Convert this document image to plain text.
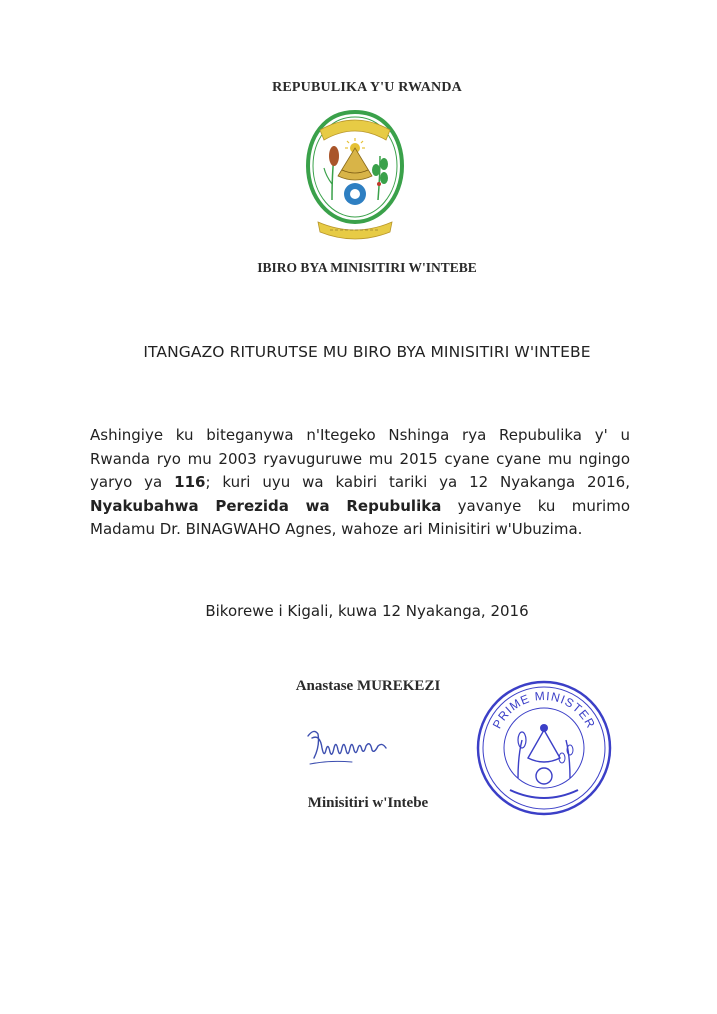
REPUBULIKA Y'U RWANDA
IBIRO BYA MINISITIRI W'INTEBE
ITANGAZO RITURUTSE MU BIRO BYA MINISITIRI W'INTEBE
Ashingiye ku biteganywa n'Itegeko Nshinga rya Repubulika y' u Rwanda ryo mu 2003 ryavuguruwe mu 2015 cyane cyane mu ngingo yaryo ya 116; kuri uyu wa kabiri tariki ya 12 Nyakanga 2016, Nyakubahwa Perezida wa Repubulika yavanye ku murimo Madamu Dr. BINAGWAHO Agnes, wahoze ari Minisitiri w'Ubuzima.
Bikorewe i Kigali, kuwa 12 Nyakanga, 2016
Anastase MUREKEZI
Minisitiri w'Intebe
PRIME MINISTER
